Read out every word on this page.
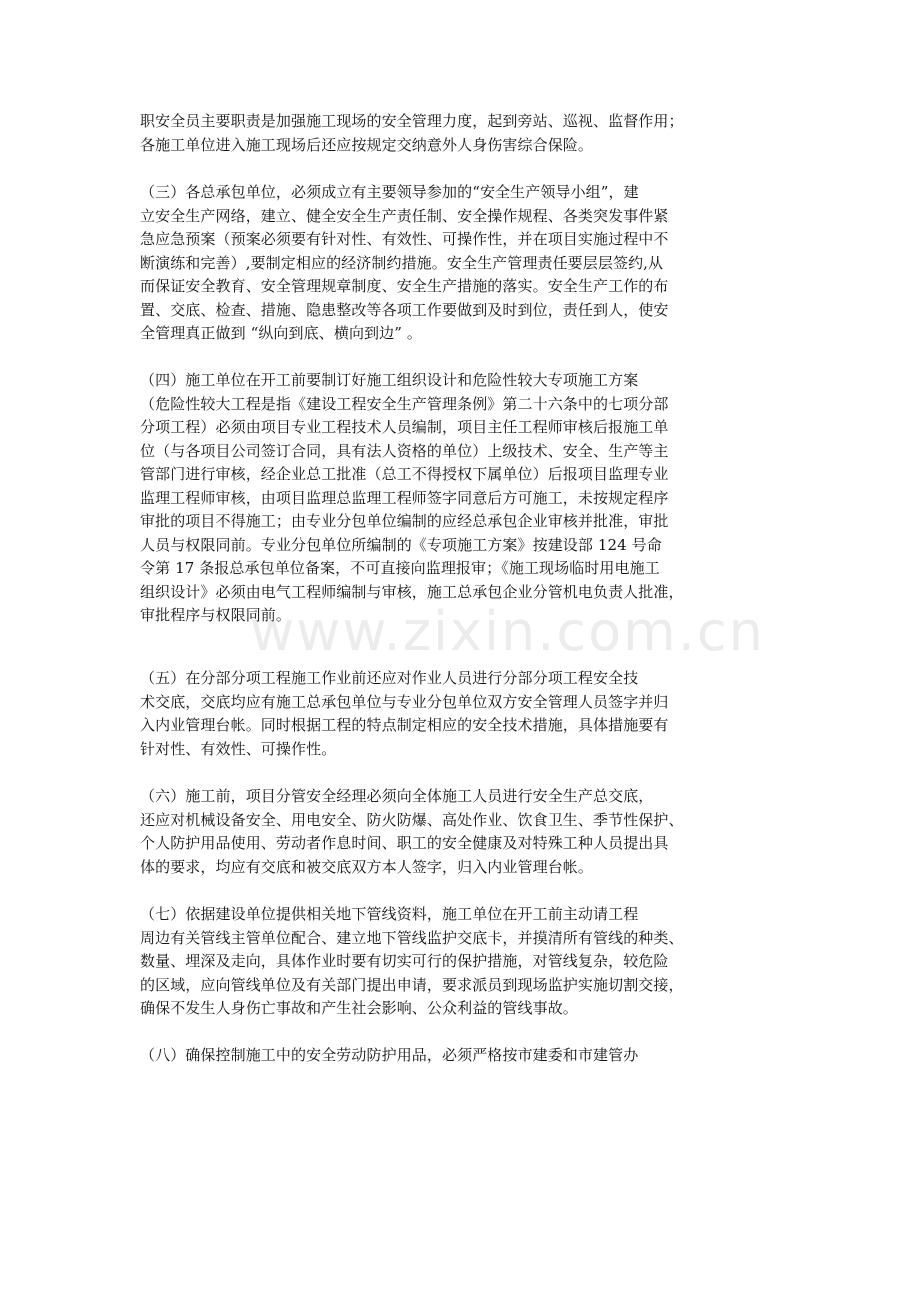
职安全员主要职责是加强施工现场的安全管理力度，起到旁站、巡视、监督作用；
各施工单位进入施工现场后还应按规定交纳意外人身伤害综合保险。
（三）各总承包单位，必须成立有主要领导参加的“安全生产领导小组”，建
立安全生产网络，建立、健全安全生产责任制、安全操作规程、各类突发事件紧
急应急预案（预案必须要有针对性、有效性、可操作性，并在项目实施过程中不
断演练和完善）,要制定相应的经济制约措施。安全生产管理责任要层层签约,从
而保证安全教育、安全管理规章制度、安全生产措施的落实。安全生产工作的布
置、交底、检查、措施、隐患整改等各项工作要做到及时到位，责任到人，使安
全管理真正做到 “纵向到底、横向到边” 。
（四）施工单位在开工前要制订好施工组织设计和危险性较大专项施工方案
（危险性较大工程是指《建设工程安全生产管理条例》第二十六条中的七项分部
分项工程）必须由项目专业工程技术人员编制，项目主任工程师审核后报施工单
位（与各项目公司签订合同，具有法人资格的单位）上级技术、安全、生产等主
管部门进行审核，经企业总工批准（总工不得授权下属单位）后报项目监理专业
监理工程师审核，由项目监理总监理工程师签字同意后方可施工，未按规定程序
审批的项目不得施工；由专业分包单位编制的应经总承包企业审核并批准，审批
人员与权限同前。专业分包单位所编制的《专项施工方案》按建设部 124 号命
令第 17 条报总承包单位备案，不可直接向监理报审；《施工现场临时用电施工
组织设计》必须由电气工程师编制与审核，施工总承包企业分管机电负责人批准，
审批程序与权限同前。
（五）在分部分项工程施工作业前还应对作业人员进行分部分项工程安全技
术交底，交底均应有施工总承包单位与专业分包单位双方安全管理人员签字并归
入内业管理台帐。同时根据工程的特点制定相应的安全技术措施，具体措施要有
针对性、有效性、可操作性。
（六）施工前，项目分管安全经理必须向全体施工人员进行安全生产总交底，
还应对机械设备安全、用电安全、防火防爆、高处作业、饮食卫生、季节性保护、
个人防护用品使用、劳动者作息时间、职工的安全健康及对特殊工种人员提出具
体的要求，均应有交底和被交底双方本人签字，归入内业管理台帐。
（七）依据建设单位提供相关地下管线资料，施工单位在开工前主动请工程
周边有关管线主管单位配合、建立地下管线监护交底卡，并摸清所有管线的种类、
数量、埋深及走向，具体作业时要有切实可行的保护措施，对管线复杂，较危险
的区域，应向管线单位及有关部门提出申请，要求派员到现场监护实施切割交接，
确保不发生人身伤亡事故和产生社会影响、公众利益的管线事故。
（八）确保控制施工中的安全劳动防护用品，必须严格按市建委和市建管办
www.zixin.com.cn
